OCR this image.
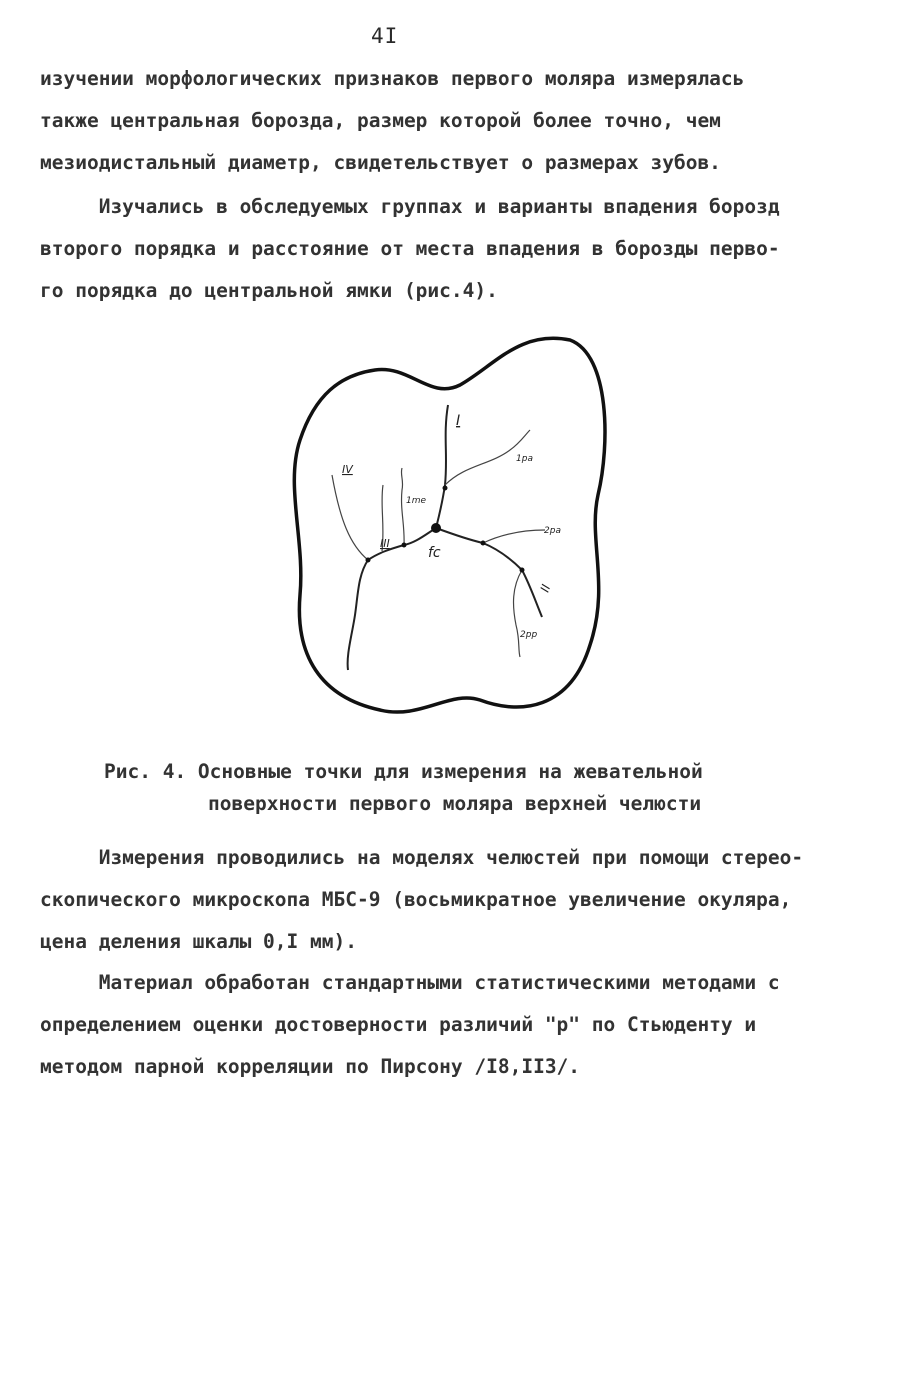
4I
изучении морфологических признаков первого моляра измерялась
также центральная борозда, размер которой более точно, чем
мезиодистальный диаметр, свидетельствует о размерах зубов.
Изучались в обследуемых группах и варианты впадения борозд
второго порядка и расстояние от места впадения в борозды перво-
го порядка до центральной ямки (рис.4).
I
II
III
IV
fc
1pa
2pa
2pp
1me
Рис. 4. Основные точки для измерения на жевательной
поверхности первого моляра верхней челюсти
Измерения проводились на моделях челюстей при помощи стерео-
скопического микроскопа МБС-9 (восьмикратное увеличение окуляра,
цена деления шкалы 0,I мм).
Материал обработан стандартными статистическими методами с
определением оценки достоверности различий "р" по Стьюденту и
методом парной корреляции по Пирсону /I8,II3/.
